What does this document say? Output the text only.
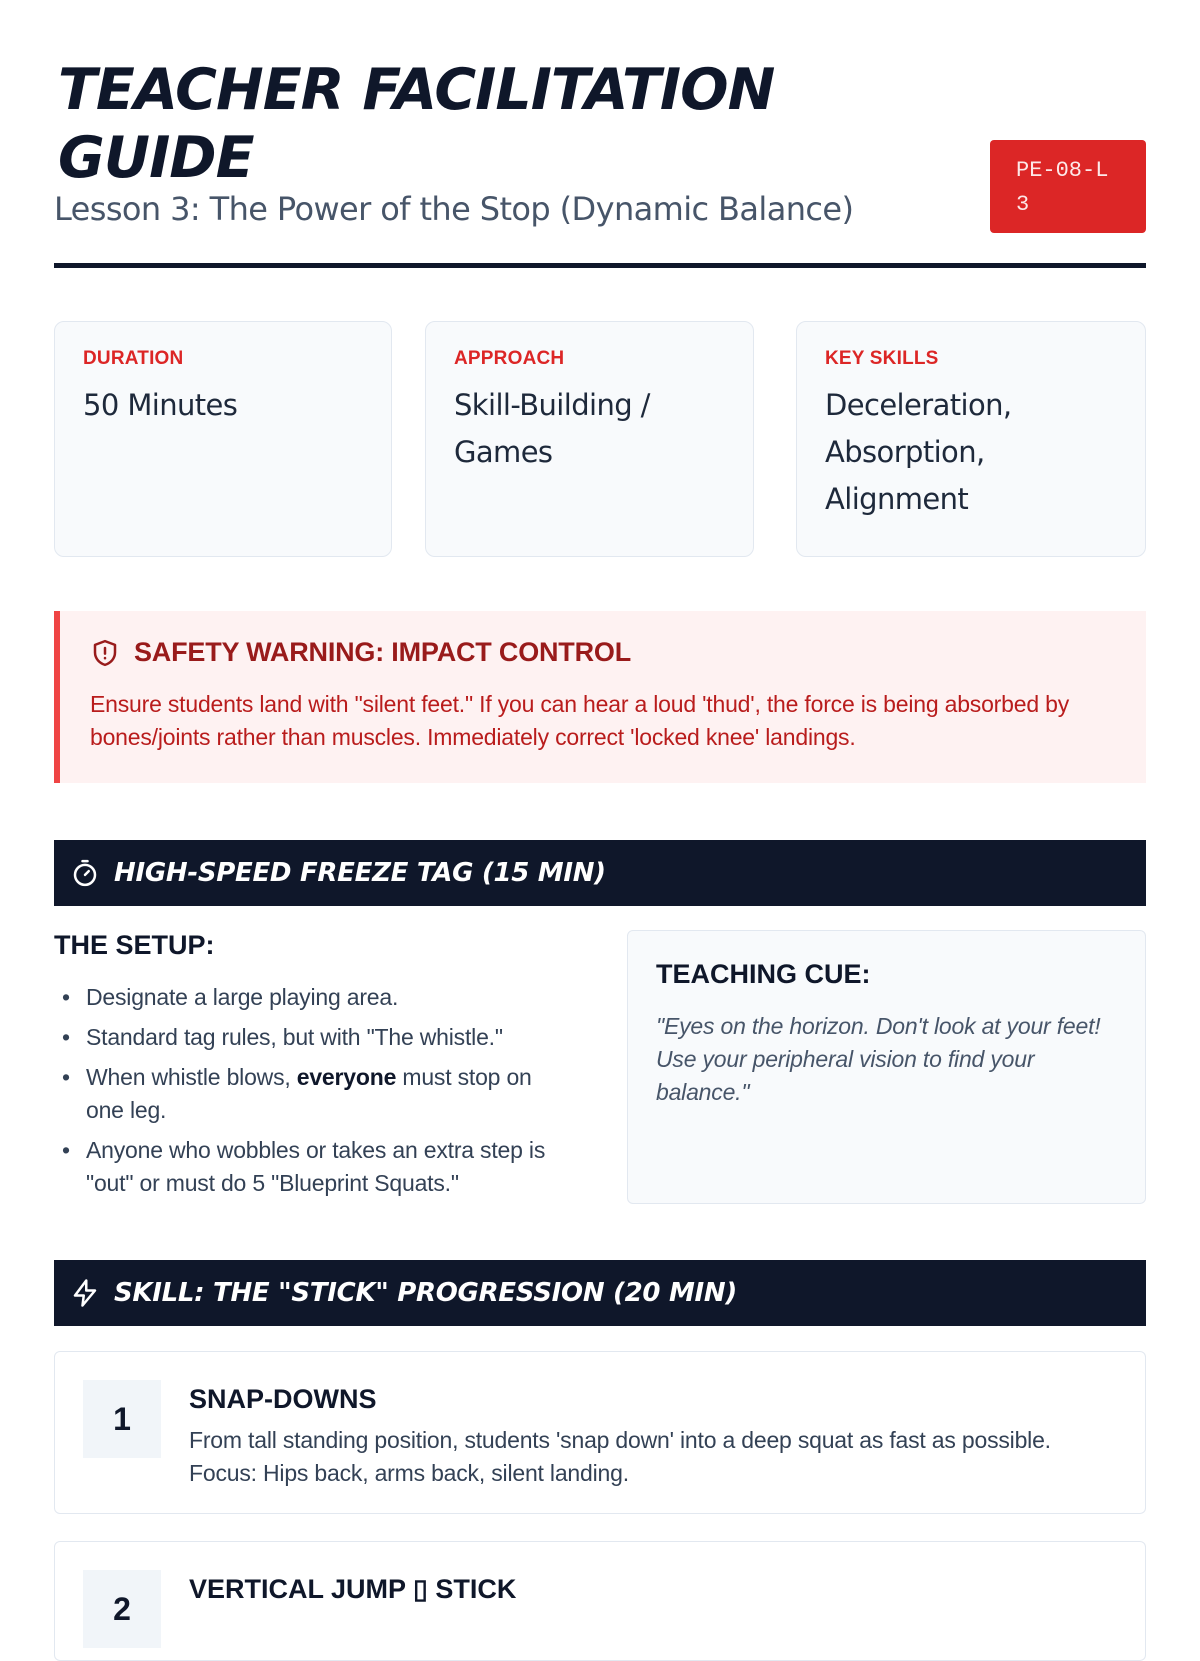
TEACHER FACILITATION GUIDE
Lesson 3: The Power of the Stop (Dynamic Balance)
PE-08-L3
DURATION
50 Minutes
APPROACH
Skill-Building / Games
KEY SKILLS
Deceleration, Absorption, Alignment
SAFETY WARNING: IMPACT CONTROL
Ensure students land with "silent feet." If you can hear a loud 'thud', the force is being absorbed by bones/joints rather than muscles. Immediately correct 'locked knee' landings.
HIGH-SPEED FREEZE TAG (15 MIN)
THE SETUP:
• Designate a large playing area.
• Standard tag rules, but with "The whistle."
• When whistle blows, everyone must stop on one leg.
• Anyone who wobbles or takes an extra step is "out" or must do 5 "Blueprint Squats."
TEACHING CUE:
"Eyes on the horizon. Don't look at your feet! Use your peripheral vision to find your balance."
SKILL: THE "STICK" PROGRESSION (20 MIN)
1
SNAP-DOWNS
From tall standing position, students 'snap down' into a deep squat as fast as possible. Focus: Hips back, arms back, silent landing.
2
VERTICAL JUMP ▯ STICK
